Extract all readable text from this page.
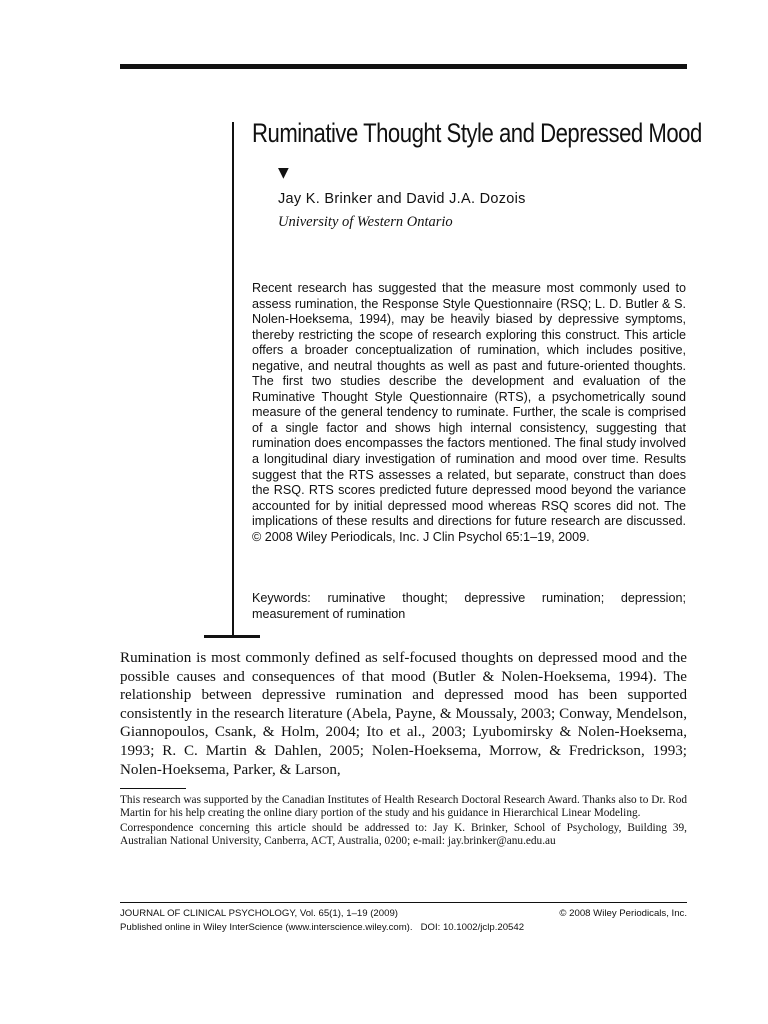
Ruminative Thought Style and Depressed Mood
▼
Jay K. Brinker and David J.A. Dozois
University of Western Ontario

Recent research has suggested that the measure most commonly used to assess rumination, the Response Style Questionnaire (RSQ; L. D. Butler & S. Nolen-Hoeksema, 1994), may be heavily biased by depressive symptoms, thereby restricting the scope of research exploring this construct. This article offers a broader conceptualization of rumination, which includes positive, negative, and neutral thoughts as well as past and future-oriented thoughts. The first two studies describe the development and evaluation of the Ruminative Thought Style Questionnaire (RTS), a psychometrically sound measure of the general tendency to ruminate. Further, the scale is comprised of a single factor and shows high internal consistency, suggesting that rumination does encompasses the factors mentioned. The final study involved a longitudinal diary investigation of rumination and mood over time. Results suggest that the RTS assesses a related, but separate, construct than does the RSQ. RTS scores predicted future depressed mood beyond the variance accounted for by initial depressed mood whereas RSQ scores did not. The implications of these results and directions for future research are discussed. © 2008 Wiley Periodicals, Inc. J Clin Psychol 65:1–19, 2009.

Keywords: ruminative thought; depressive rumination; depression; measurement of rumination

Rumination is most commonly defined as self-focused thoughts on depressed mood and the possible causes and consequences of that mood (Butler & Nolen-Hoeksema, 1994). The relationship between depressive rumination and depressed mood has been supported consistently in the research literature (Abela, Payne, & Moussaly, 2003; Conway, Mendelson, Giannopoulos, Csank, & Holm, 2004; Ito et al., 2003; Lyubomirsky & Nolen-Hoeksema, 1993; R. C. Martin & Dahlen, 2005; Nolen-Hoeksema, Morrow, & Fredrickson, 1993; Nolen-Hoeksema, Parker, & Larson,

This research was supported by the Canadian Institutes of Health Research Doctoral Research Award. Thanks also to Dr. Rod Martin for his help creating the online diary portion of the study and his guidance in Hierarchical Linear Modeling.

Correspondence concerning this article should be addressed to: Jay K. Brinker, School of Psychology, Building 39, Australian National University, Canberra, ACT, Australia, 0200; e-mail: jay.brinker@anu.edu.au

JOURNAL OF CLINICAL PSYCHOLOGY, Vol. 65(1), 1–19 (2009)	© 2008 Wiley Periodicals, Inc.
Published online in Wiley InterScience (www.interscience.wiley.com). DOI: 10.1002/jclp.20542
